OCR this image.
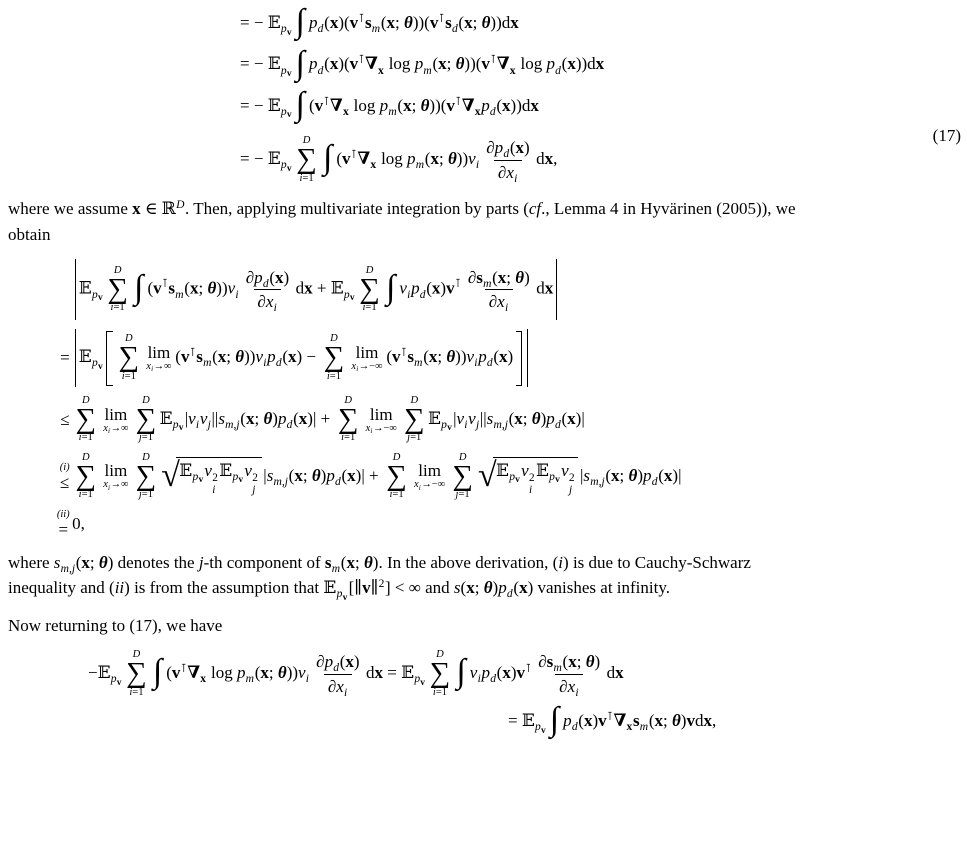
= − 𝔼$_{p_v}$ ∫ $p_d(x)(v^⊺s_m(x$; $\theta))(v^⊺s_d(x$; θ))dx
= − 𝔼$_{p_v}$ ∫ $p_d(x)(v^⊺\nabla_x$ $\log p_m(x$; $\theta))(v^⊺\nabla_x$ $\log p_d(x))dx$
= − 𝔼$_{p_v}$ ∫ ($v^⊺\nabla_x$ $\log p_m(x$; $\theta))(v^⊺\nabla_xp_d(x))dx$
= − 𝔼$_{p_v}$
D
∑
i=1
∫ ($v^⊺\nabla_x$ $\log p_m(x$; $\theta))v_i \frac{\partial p_d(x)}{\partial x_i}$ dx,
(17)

where we assume x ∈ ℝ$^D$. Then, applying multivariate integration by parts (cf., Lemma 4 in Hyvärinen (2005)), we
obtain

𝔼$_{p_v}$
D
∑
i=1
∫ ($v^⊺s_m(x$; $\theta))v_i \frac{\partial p_d(x)}{\partial x_i}$ dx + 𝔼$_{p_v}$
D
∑
i=1
∫ $v_ip_d(x)v^⊺ \frac{\partial s_m(x; \theta)}{\partial x_i}$ dx
= 𝔼$_{p_v}$
D
∑
i=1
lim
$x_i\to\infty$
($v^⊺s_m(x$; $\theta))v_ip_d(x)$ −
D
∑
i=1
lim
$x_i\to-\infty$
($v^⊺s_m(x$; $\theta))v_ip_d(x)$
≤
D
∑
i=1
lim
$x_i\to\infty$
D
∑
j=1
$𝔼_{p_v}|v_iv_j||s_{m,j}(x$; $\theta)p_d(x)|$ +
D
∑
i=1
lim
$x_i\to-\infty$
D
∑
j=1
$𝔼_{p_v}|v_iv_j||s_{m,j}(x$; $\theta)p_d(x)|$
(i)
≤
D
∑
i=1
lim
$x_i\to\infty$
D
∑
j=1
√ 𝔼$_{p_v}$v 2
i
𝔼$_{p_v}$v 2
j
$|s_{m,j}(x$; $\theta)p_d(x)|$ +
D
∑
i=1
lim
$x_i\to-\infty$
D
∑
j=1
√ 𝔼$_{p_v}$v 2
i
𝔼$_{p_v}$v 2
j
$|s_{m,j}(x$; $\theta)p_d(x)|$
(ii)
= 0,

where $s_{m,j}(x$; θ) denotes the j-th component of $s_m(x$; θ). In the above derivation, (i) is due to Cauchy-Schwarz
inequality and (ii) is from the assumption that 𝔼$_{p_v}$[∥v∥$^2$] < ∞ and s(x; $\theta)p_d(x)$ vanishes at infinity.

Now returning to (17), we have

−𝔼$_{p_v}$
D
∑
i=1
∫ ($v^⊺\nabla_x$ $\log p_m(x$; $\theta))v_i \frac{\partial p_d(x)}{\partial x_i}$ dx = 𝔼$_{p_v}$
D
∑
i=1
∫ $v_ip_d(x)v^⊺ \frac{\partial s_m(x; \theta)}{\partial x_i}$ dx
= 𝔼$_{p_v}$ ∫ $p_d(x)v^⊺\nabla_xs_m(x$; θ)vdx,
